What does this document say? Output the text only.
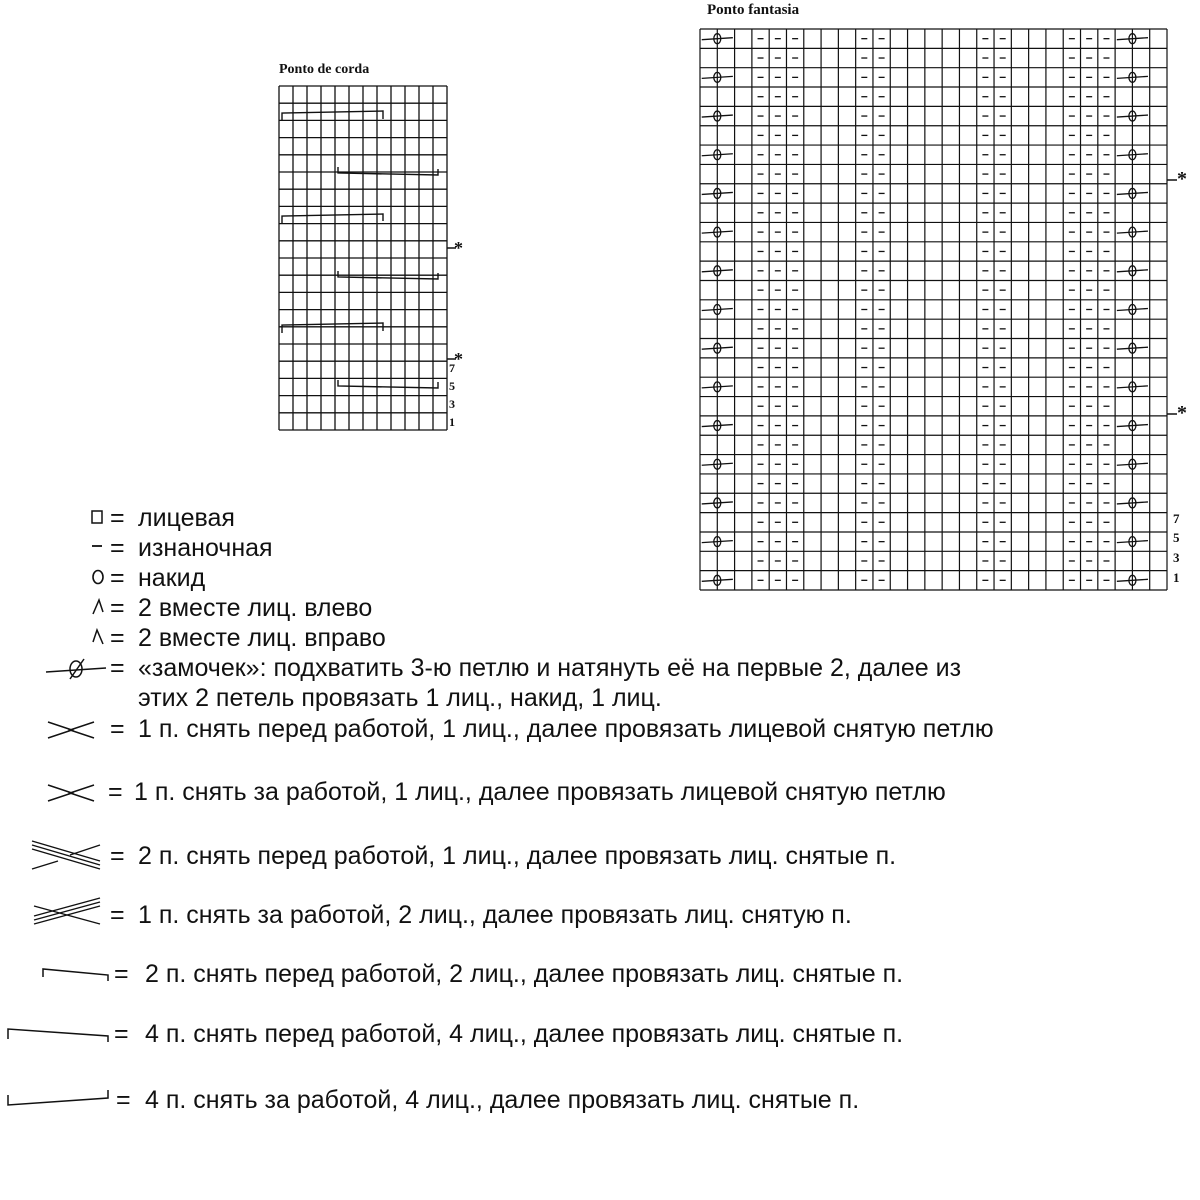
Ponto de corda
*
*
7
5
3
1
Ponto fantasia
*
*
7
5
3
1
= лицевая
= изнаночная
= накид
= 2 вместе лиц. влево
= 2 вместе лиц. вправо
= «замочек»: подхватить 3-ю петлю и натянуть её на первые 2, далее из
этих 2 петель провязать 1 лиц., накид, 1 лиц.
= 1 п. снять перед работой, 1 лиц., далее провязать лицевой снятую петлю
= 1 п. снять за работой, 1 лиц., далее провязать лицевой снятую петлю
= 2 п. снять перед работой, 1 лиц., далее провязать лиц. снятые п.
= 1 п. снять за работой, 2 лиц., далее провязать лиц. снятую п.
= 2 п. снять перед работой, 2 лиц., далее провязать лиц. снятые п.
= 4 п. снять перед работой, 4 лиц., далее провязать лиц. снятые п.
= 4 п. снять за работой, 4 лиц., далее провязать лиц. снятые п.
